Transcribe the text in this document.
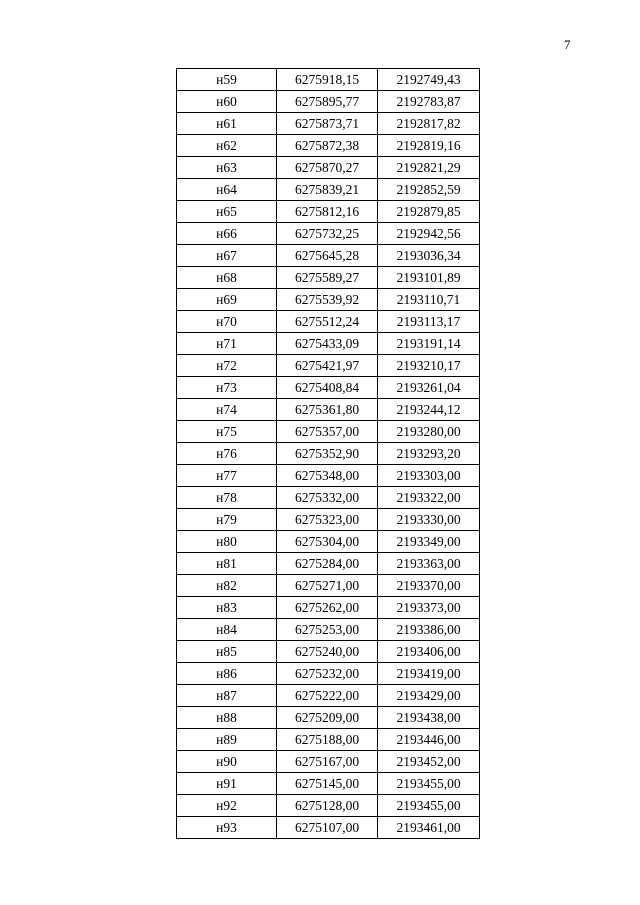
7
н59	6275918,15	2192749,43
н60	6275895,77	2192783,87
н61	6275873,71	2192817,82
н62	6275872,38	2192819,16
н63	6275870,27	2192821,29
н64	6275839,21	2192852,59
н65	6275812,16	2192879,85
н66	6275732,25	2192942,56
н67	6275645,28	2193036,34
н68	6275589,27	2193101,89
н69	6275539,92	2193110,71
н70	6275512,24	2193113,17
н71	6275433,09	2193191,14
н72	6275421,97	2193210,17
н73	6275408,84	2193261,04
н74	6275361,80	2193244,12
н75	6275357,00	2193280,00
н76	6275352,90	2193293,20
н77	6275348,00	2193303,00
н78	6275332,00	2193322,00
н79	6275323,00	2193330,00
н80	6275304,00	2193349,00
н81	6275284,00	2193363,00
н82	6275271,00	2193370,00
н83	6275262,00	2193373,00
н84	6275253,00	2193386,00
н85	6275240,00	2193406,00
н86	6275232,00	2193419,00
н87	6275222,00	2193429,00
н88	6275209,00	2193438,00
н89	6275188,00	2193446,00
н90	6275167,00	2193452,00
н91	6275145,00	2193455,00
н92	6275128,00	2193455,00
н93	6275107,00	2193461,00
